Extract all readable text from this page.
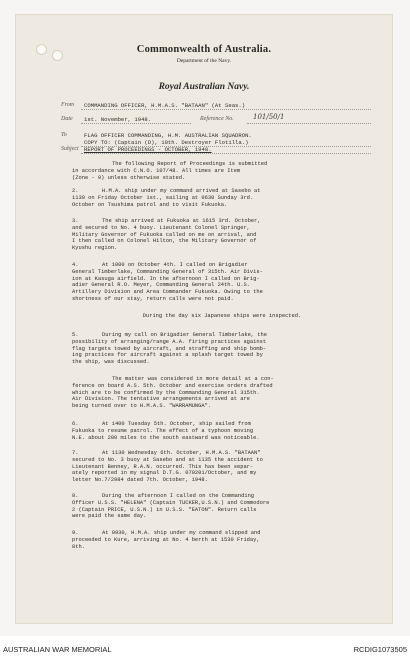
Commonwealth of Australia.
Department of the Navy.
Royal Australian Navy.
From COMMANDING OFFICER, H.M.A.S. "BATAAN" (At Seas.)
Date 1st. November, 1948.	Reference No.	101/50/1
To	FLAG OFFICER COMMANDING, H.M. AUSTRALIAN SQUADRON.
COPY TO: (Captain (D), 10th. Destroyer Flotilla.)
Subject REPORT OF PROCEEDINGS - OCTOBER, 1948.
The following Report of Proceedings is submitted
in accordance with C.N.O. 107/48. All times are Item
(Zone - 9) unless otherwise stated.
2.	H.M.A. ship under my command arrived at Sasebo at
1130 on Friday October 1st., sailing at 0630 Sunday 3rd.
October on Tsushima patrol and to visit Fukuoka.
3.	The ship arrived at Fukuoka at 1615 3rd. October,
and secured to No. 4 buoy. Lieutenant Colonel Springer,
Military Governor of Fukuoka called on me on arrival, and
I then called on Colonel Hilton, the Military Governor of
Kyushu region.
4.	At 1000 on October 4th. I called on Brigadier
General Timberlake, Commanding General of 315th. Air Divis-
ion at Kasuga airfield. In the afternoon I called on Brig-
adier General R.O. Meyer, Commanding General 24th. U.S.
Artillery Division and Area Commander Fukuoka. Owing to the
shortness of our stay, return calls were not paid.
During the day six Japanese ships were inspected.
5.	During my call on Brigadier General Timberlake, the
possibility of arranging/range A.A. firing practices against
flag targets towed by aircraft, and straffing and ship bomb-
ing practices for aircraft against a splash target towed by
the ship, was discussed.
The matter was considered in more detail at a con-
ference on board A.S. 5th. October and exercise orders drafted
which are to be confirmed by the Commanding General 315th.
Air Division. The tentative arrangements arrived at are
being turned over to H.M.A.S. "WARRAMUNGA".
6.	At 1400 Tuesday 5th. October, ship sailed from
Fukuoka to resume patrol. The effect of a typhoon moving
N.E. about 200 miles to the south eastward was noticeable.
7.	At 1130 Wednesday 6th. October, H.M.A.S. "BATAAN"
secured to No. 3 buoy at Sasebo and at 1135 the accident to
Lieutenant Benney, R.A.N. occurred. This has been separ-
ately reported in my signal D.T.G. 070201/October, and my
letter No.7/2984 dated 7th. October, 1948.
8.	During the afternoon I called on the Commanding
Officer U.S.S. "HELENA" (Captain TUCKER,U.S.N.) and Commodore
2 (Captain PRICE, U.S.N.) in U.S.S. "EATON". Return calls
were paid the same day.
9.	At 0930, H.M.A. ship under my command slipped and
proceeded to Kure, arriving at No. 4 berth at 1530 Friday,
8th.
AUSTRALIAN WAR MEMORIAL	RCDIG1073505
